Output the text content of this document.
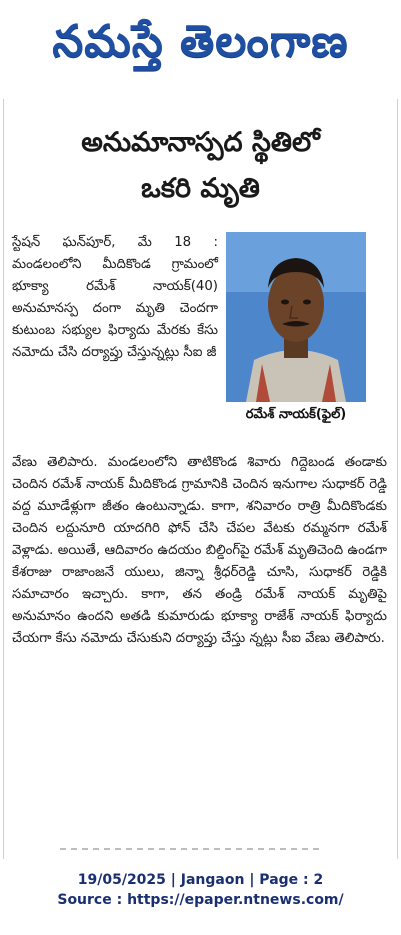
నమస్తే తెలంగాణ
అనుమానాస్పద స్థితిలో
ఒకరి మృతి

స్టేషన్ ఘన్‌పూర్, మే 18 : మండలంలోని మీదికొండ గ్రామంలో భూక్యా రమేశ్ నాయక్(40) అనుమానస్ప దంగా మృతి చెందగా కుటుంబ సభ్యుల ఫిర్యాదు మేరకు కేసు నమోదు చేసి దర్యాప్తు చేస్తున్నట్లు సీఐ జీ

రమేశ్ నాయక్(ఫైల్)

వేణు తెలిపారు. మండలంలోని తాటికొండ శివారు గిద్దెబండ తండాకు చెందిన రమేశ్ నాయక్ మీదికొండ గ్రామానికి చెందిన ఇనుగాల సుధాకర్ రెడ్డి వద్ద మూడేళ్లుగా జీతం ఉంటున్నాడు. కాగా, శనివారం రాత్రి మీదికొండకు చెందిన లద్దునూరి యాదగిరి ఫోన్ చేసి చేపల వేటకు రమ్మనగా రమేశ్ వెళ్లాడు. అయితే, ఆదివారం ఉదయం బిల్డింగ్‌పై రమేశ్ మృతిచెంది ఉండగా కేశరాజు రాజాంజనే యులు, జిన్నా శ్రీధర్‌రెడ్డి చూసి, సుధాకర్ రెడ్డికి సమాచారం ఇచ్చారు. కాగా, తన తండ్రి రమేశ్ నాయక్ మృతిపై అనుమానం ఉందని అతడి కుమారుడు భూక్యా రాజేశ్ నాయక్ ఫిర్యాదు చేయగా కేసు నమోదు చేసుకుని దర్యాప్తు చేస్తు న్నట్లు సీఐ వేణు తెలిపారు.

19/05/2025 | Jangaon | Page : 2
Source : https://epaper.ntnews.com/
